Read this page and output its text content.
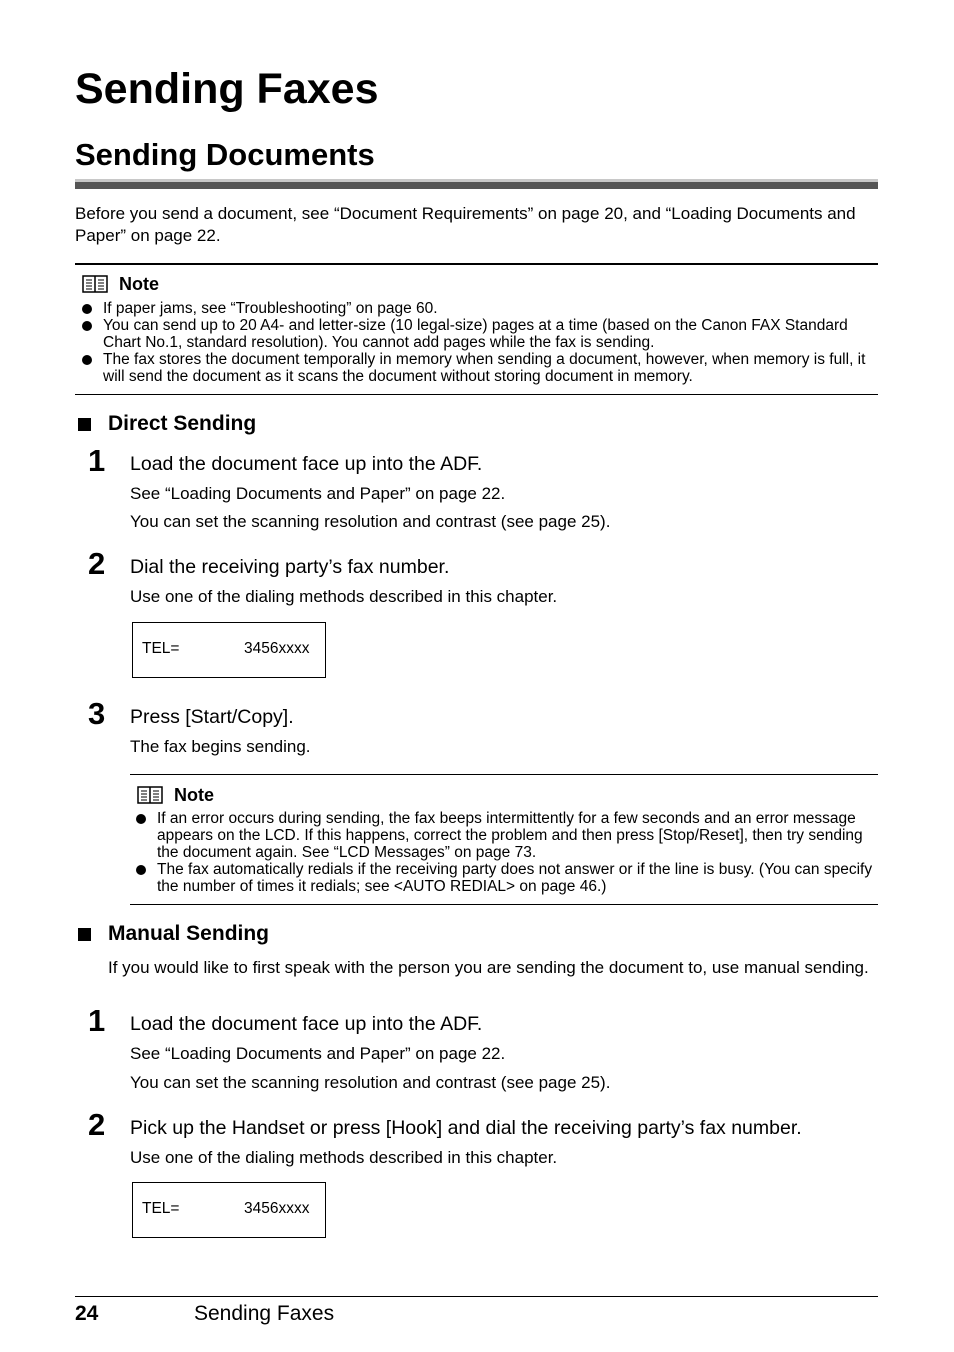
Sending Faxes
Sending Documents
Before you send a document, see “Document Requirements” on page 20, and “Loading Documents and Paper” on page 22.
Note
If paper jams, see “Troubleshooting” on page 60.
You can send up to 20 A4- and letter-size (10 legal-size) pages at a time (based on the Canon FAX Standard Chart No.1, standard resolution). You cannot add pages while the fax is sending.
The fax stores the document temporally in memory when sending a document, however, when memory is full, it will send the document as it scans the document without storing document in memory.
Direct Sending
1 Load the document face up into the ADF.
See “Loading Documents and Paper” on page 22.
You can set the scanning resolution and contrast (see page 25).
2 Dial the receiving party’s fax number.
Use one of the dialing methods described in this chapter.
TEL=	3456xxxx
3 Press [Start/Copy].
The fax begins sending.
Note
If an error occurs during sending, the fax beeps intermittently for a few seconds and an error message appears on the LCD. If this happens, correct the problem and then press [Stop/Reset], then try sending the document again. See “LCD Messages” on page 73.
The fax automatically redials if the receiving party does not answer or if the line is busy. (You can specify the number of times it redials; see <AUTO REDIAL> on page 46.)
Manual Sending
If you would like to first speak with the person you are sending the document to, use manual sending.
1 Load the document face up into the ADF.
See “Loading Documents and Paper” on page 22.
You can set the scanning resolution and contrast (see page 25).
2 Pick up the Handset or press [Hook] and dial the receiving party’s fax number.
Use one of the dialing methods described in this chapter.
TEL=	3456xxxx
24	Sending Faxes
